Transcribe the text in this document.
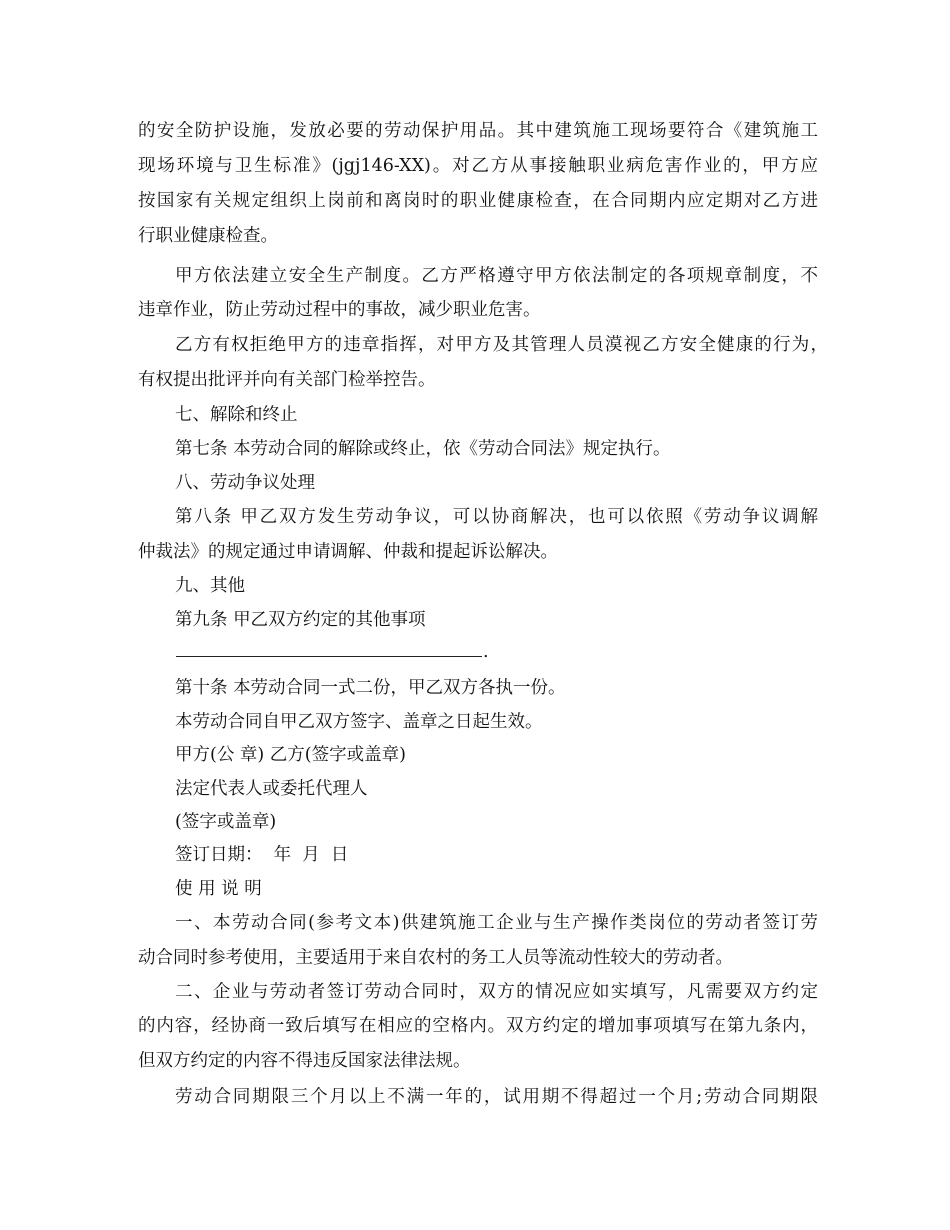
的安全防护设施，发放必要的劳动保护用品。其中建筑施工现场要符合《建筑施工
现场环境与卫生标准》(jgj146-XX)。对乙方从事接触职业病危害作业的，甲方应
按国家有关规定组织上岗前和离岗时的职业健康检查，在合同期内应定期对乙方进
行职业健康检查。
甲方依法建立安全生产制度。乙方严格遵守甲方依法制定的各项规章制度，不
违章作业，防止劳动过程中的事故，减少职业危害。
乙方有权拒绝甲方的违章指挥，对甲方及其管理人员漠视乙方安全健康的行为，
有权提出批评并向有关部门检举控告。
七、解除和终止
第七条 本劳动合同的解除或终止，依《劳动合同法》规定执行。
八、劳动争议处理
第八条 甲乙双方发生劳动争议，可以协商解决，也可以依照《劳动争议调解
仲裁法》的规定通过申请调解、仲裁和提起诉讼解决。
九、其他
第九条 甲乙双方约定的其他事项
.
第十条 本劳动合同一式二份，甲乙双方各执一份。
本劳动合同自甲乙双方签字、盖章之日起生效。
甲方(公 章) 乙方(签字或盖章)
法定代表人或委托代理人
(签字或盖章)
签订日期：  年  月  日
使 用 说 明
一、本劳动合同(参考文本)供建筑施工企业与生产操作类岗位的劳动者签订劳
动合同时参考使用，主要适用于来自农村的务工人员等流动性较大的劳动者。
二、企业与劳动者签订劳动合同时，双方的情况应如实填写，凡需要双方约定
的内容，经协商一致后填写在相应的空格内。双方约定的增加事项填写在第九条内，
但双方约定的内容不得违反国家法律法规。
劳动合同期限三个月以上不满一年的，试用期不得超过一个月;劳动合同期限
